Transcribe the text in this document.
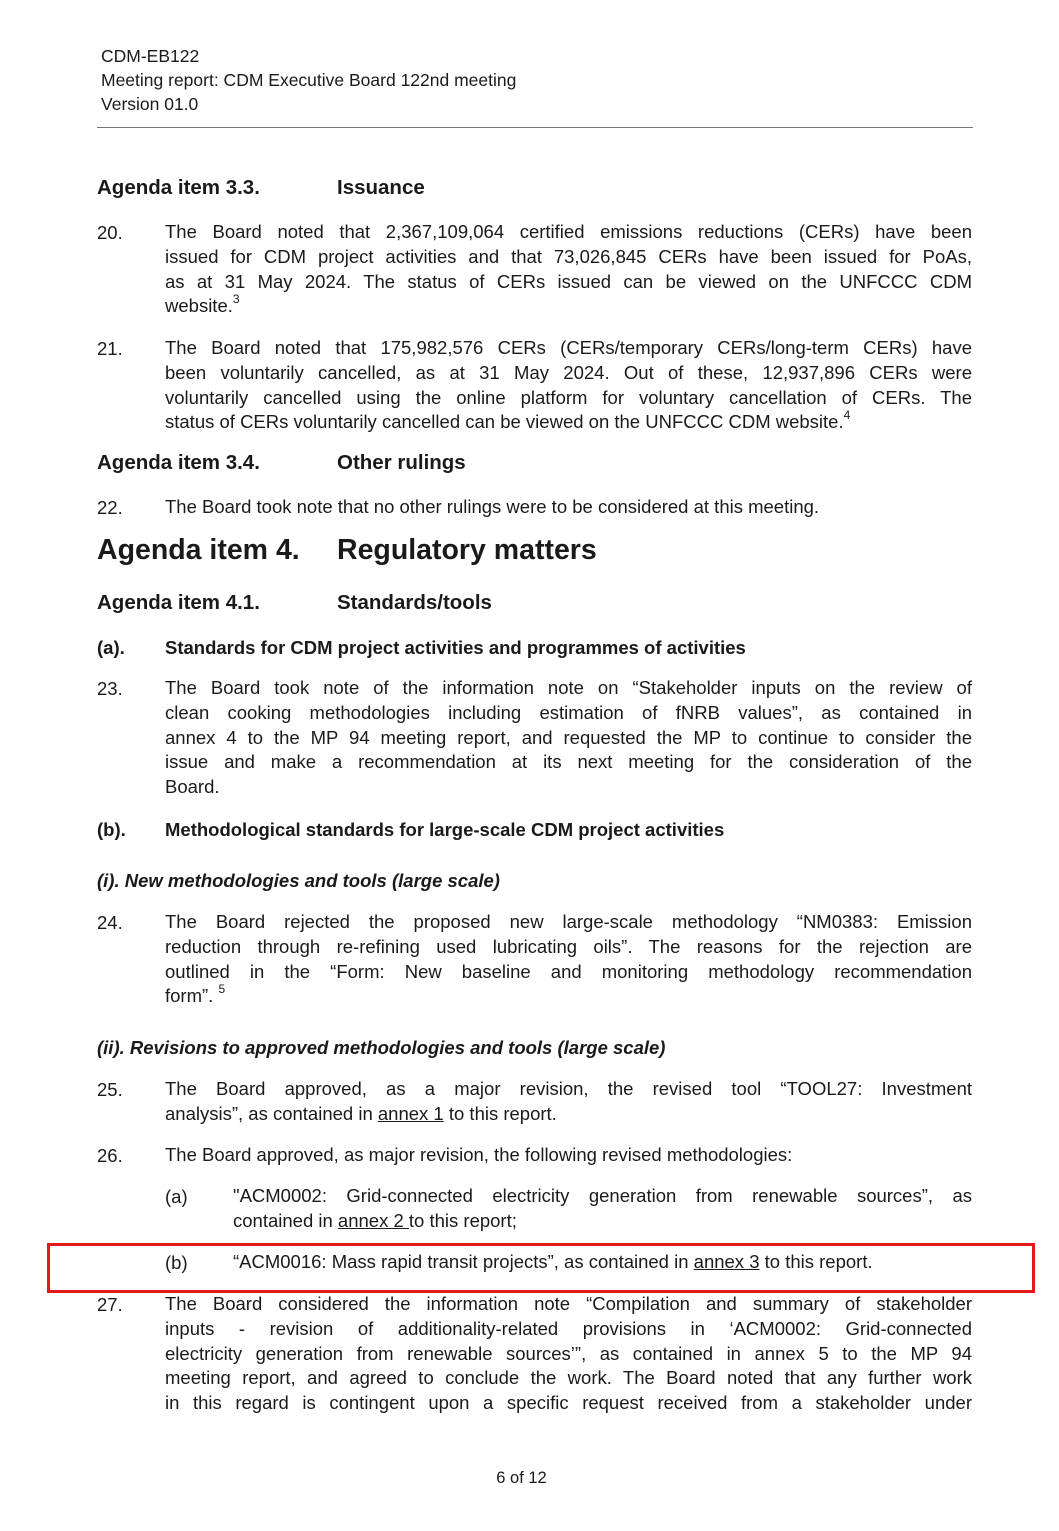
CDM-EB122
Meeting report: CDM Executive Board 122nd meeting
Version 01.0
Agenda item 3.3.	Issuance
20. The Board noted that 2,367,109,064 certified emissions reductions (CERs) have been
issued for CDM project activities and that 73,026,845 CERs have been issued for PoAs,
as at 31 May 2024. The status of CERs issued can be viewed on the UNFCCC CDM
website.$^3$
21. The Board noted that 175,982,576 CERs (CERs/temporary CERs/long-term CERs) have
been voluntarily cancelled, as at 31 May 2024. Out of these, 12,937,896 CERs were
voluntarily cancelled using the online platform for voluntary cancellation of CERs. The
status of CERs voluntarily cancelled can be viewed on the UNFCCC CDM website.$^4$
Agenda item 3.4.	Other rulings
22. The Board took note that no other rulings were to be considered at this meeting.
Agenda item 4. Regulatory matters
Agenda item 4.1.	Standards/tools
(a). Standards for CDM project activities and programmes of activities
23. The Board took note of the information note on “Stakeholder inputs on the review of
clean cooking methodologies including estimation of fNRB values”, as contained in
annex 4 to the MP 94 meeting report, and requested the MP to continue to consider the
issue and make a recommendation at its next meeting for the consideration of the
Board.
(b). Methodological standards for large-scale CDM project activities
(i). New methodologies and tools (large scale)
24. The Board rejected the proposed new large-scale methodology “NM0383: Emission
reduction through re-refining used lubricating oils”. The reasons for the rejection are
outlined in the “Form: New baseline and monitoring methodology recommendation
form”. $^5$
(ii). Revisions to approved methodologies and tools (large scale)
25. The Board approved, as a major revision, the revised tool “TOOL27: Investment
analysis”, as contained in annex 1 to this report.
26. The Board approved, as major revision, the following revised methodologies:
(a) "ACM0002: Grid-connected electricity generation from renewable sources”, as
contained in annex 2 to this report;
(b) “ACM0016: Mass rapid transit projects”, as contained in annex 3 to this report.
27. The Board considered the information note “Compilation and summary of stakeholder
inputs - revision of additionality-related provisions in ‘ACM0002: Grid-connected
electricity generation from renewable sources’”, as contained in annex 5 to the MP 94
meeting report, and agreed to conclude the work. The Board noted that any further work
in this regard is contingent upon a specific request received from a stakeholder under
6 of 12
